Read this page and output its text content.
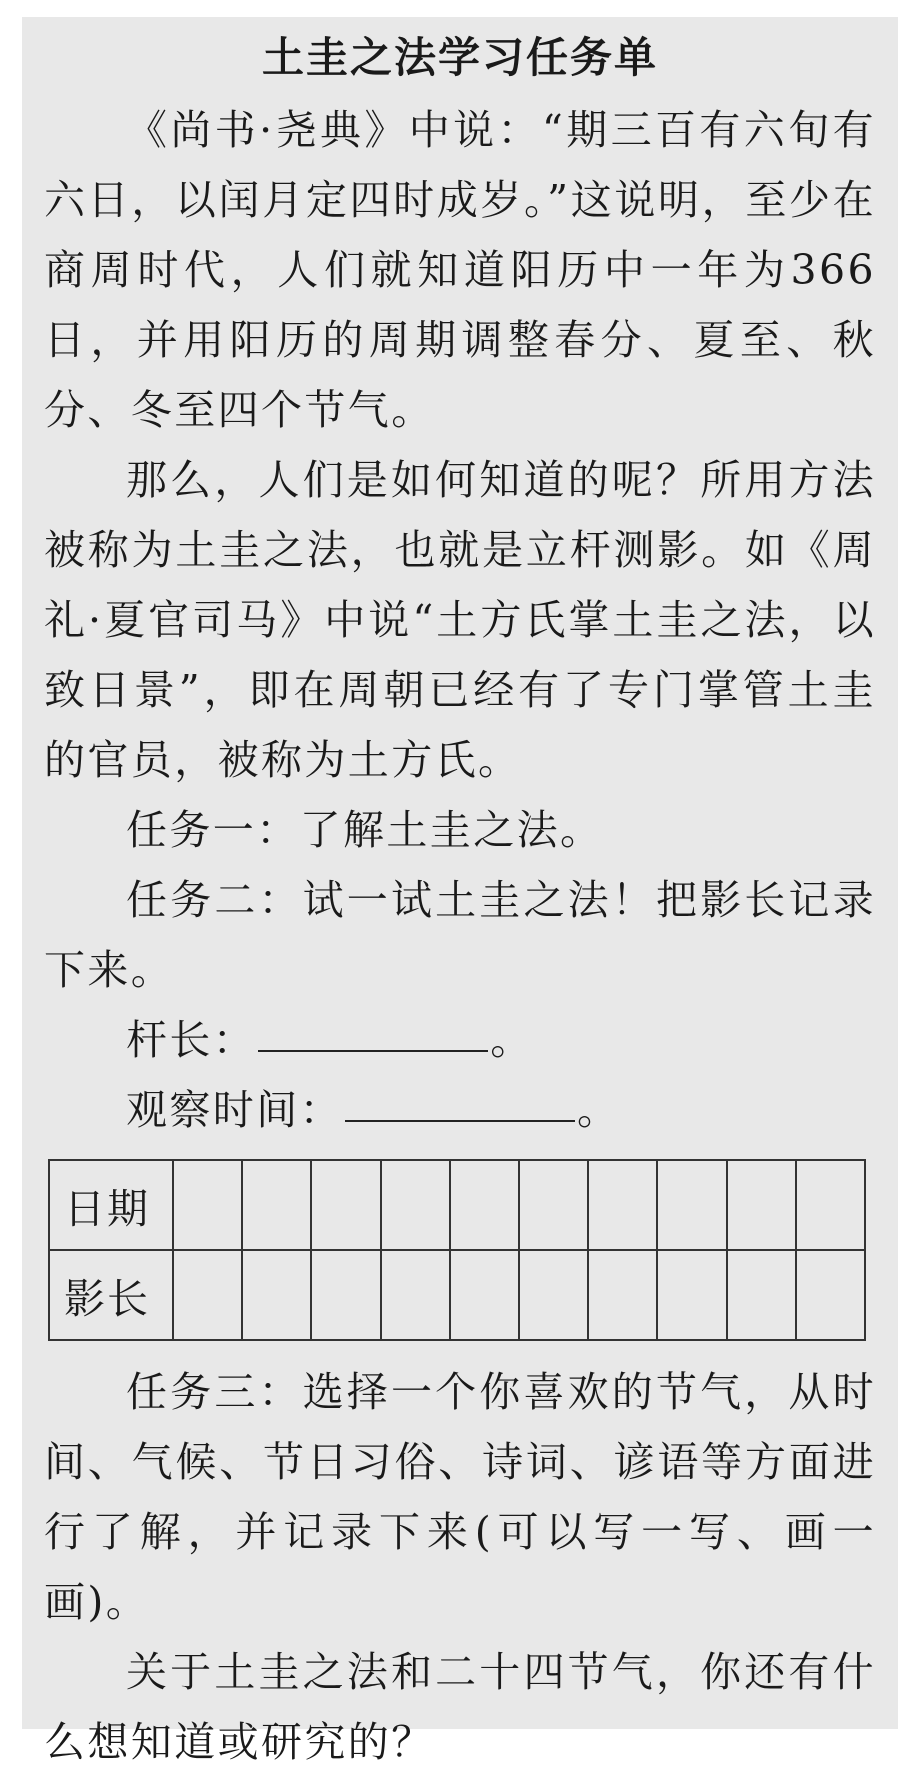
土圭之法学习任务单

《尚书·尧典》中说：“期三百有六旬有六日，以闰月定四时成岁。”这说明，至少在商周时代，人们就知道阳历中一年为366日，并用阳历的周期调整春分、夏至、秋分、冬至四个节气。

那么，人们是如何知道的呢？所用方法被称为土圭之法，也就是立杆测影。如《周礼·夏官司马》中说“土方氏掌土圭之法，以致日景”，即在周朝已经有了专门掌管土圭的官员，被称为土方氏。

任务一：了解土圭之法。

任务二：试一试土圭之法！把影长记录下来。

杆长：	。

观察时间：	。

日期										
影长										

任务三：选择一个你喜欢的节气，从时间、气候、节日习俗、诗词、谚语等方面进行了解，并记录下来(可以写一写、画一画)。

关于土圭之法和二十四节气，你还有什么想知道或研究的？
